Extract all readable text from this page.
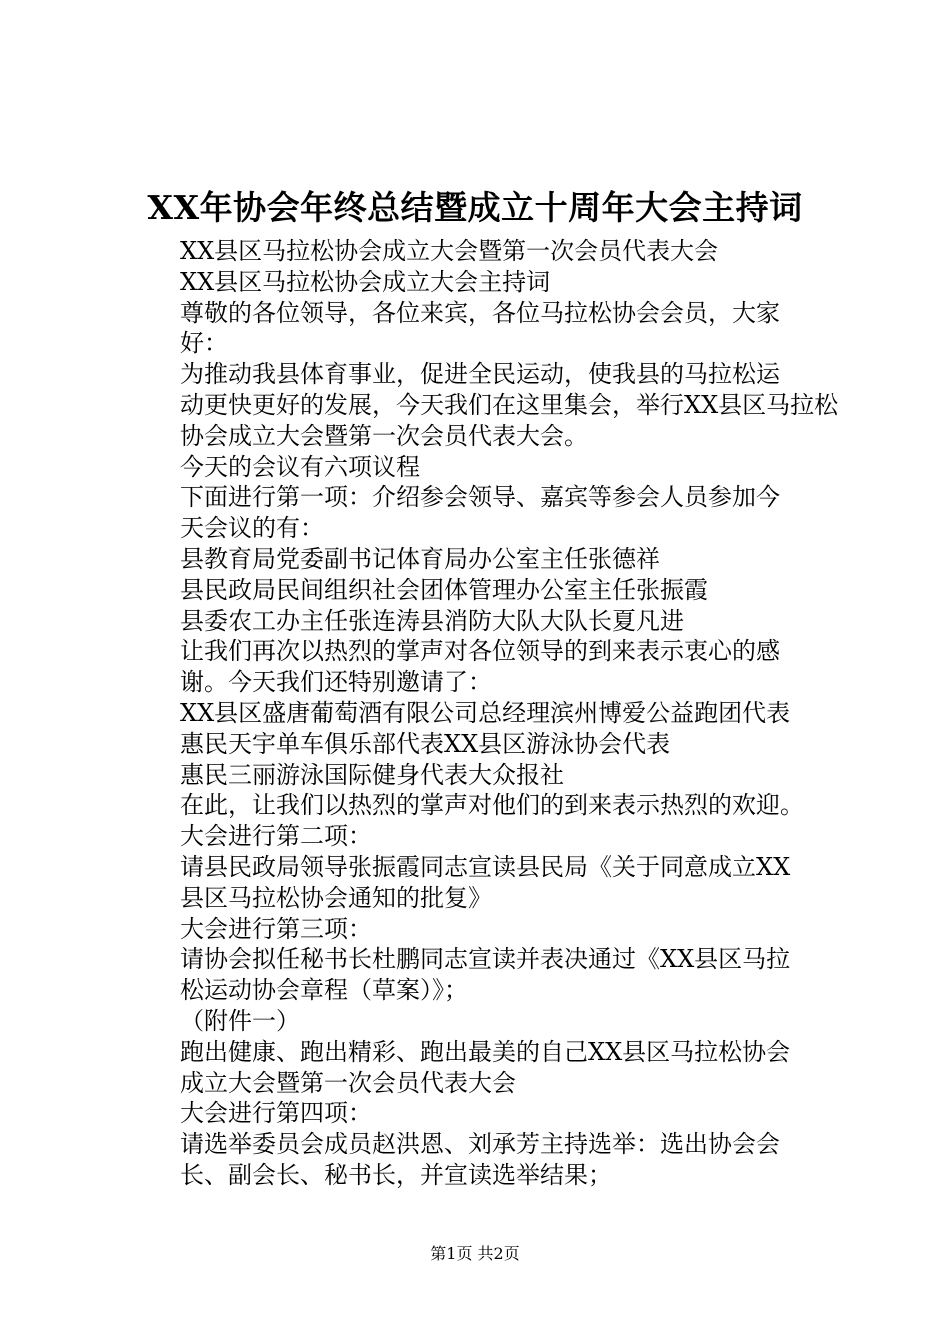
XX年协会年终总结暨成立十周年大会主持词

XX县区马拉松协会成立大会暨第一次会员代表大会

XX县区马拉松协会成立大会主持词

尊敬的各位领导，各位来宾，各位马拉松协会会员，大家
好：

为推动我县体育事业，促进全民运动，使我县的马拉松运
动更快更好的发展，今天我们在这里集会，举行XX县区马拉松
协会成立大会暨第一次会员代表大会。

今天的会议有六项议程

下面进行第一项：介绍参会领导、嘉宾等参会人员参加今
天会议的有：

县教育局党委副书记体育局办公室主任张德祥

县民政局民间组织社会团体管理办公室主任张振霞

县委农工办主任张连涛县消防大队大队长夏凡进

让我们再次以热烈的掌声对各位领导的到来表示衷心的感
谢。今天我们还特别邀请了：

XX县区盛唐葡萄酒有限公司总经理滨州博爱公益跑团代表
惠民天宇单车俱乐部代表XX县区游泳协会代表

惠民三丽游泳国际健身代表大众报社

在此，让我们以热烈的掌声对他们的到来表示热烈的欢迎。
大会进行第二项：

请县民政局领导张振霞同志宣读县民局《关于同意成立XX
县区马拉松协会通知的批复》

大会进行第三项：

请协会拟任秘书长杜鹏同志宣读并表决通过《XX县区马拉
松运动协会章程（草案）》；

（附件一）

跑出健康、跑出精彩、跑出最美的自己XX县区马拉松协会
成立大会暨第一次会员代表大会

大会进行第四项：

请选举委员会成员赵洪恩、刘承芳主持选举：选出协会会
长、副会长、秘书长，并宣读选举结果；

第1页 共2页
